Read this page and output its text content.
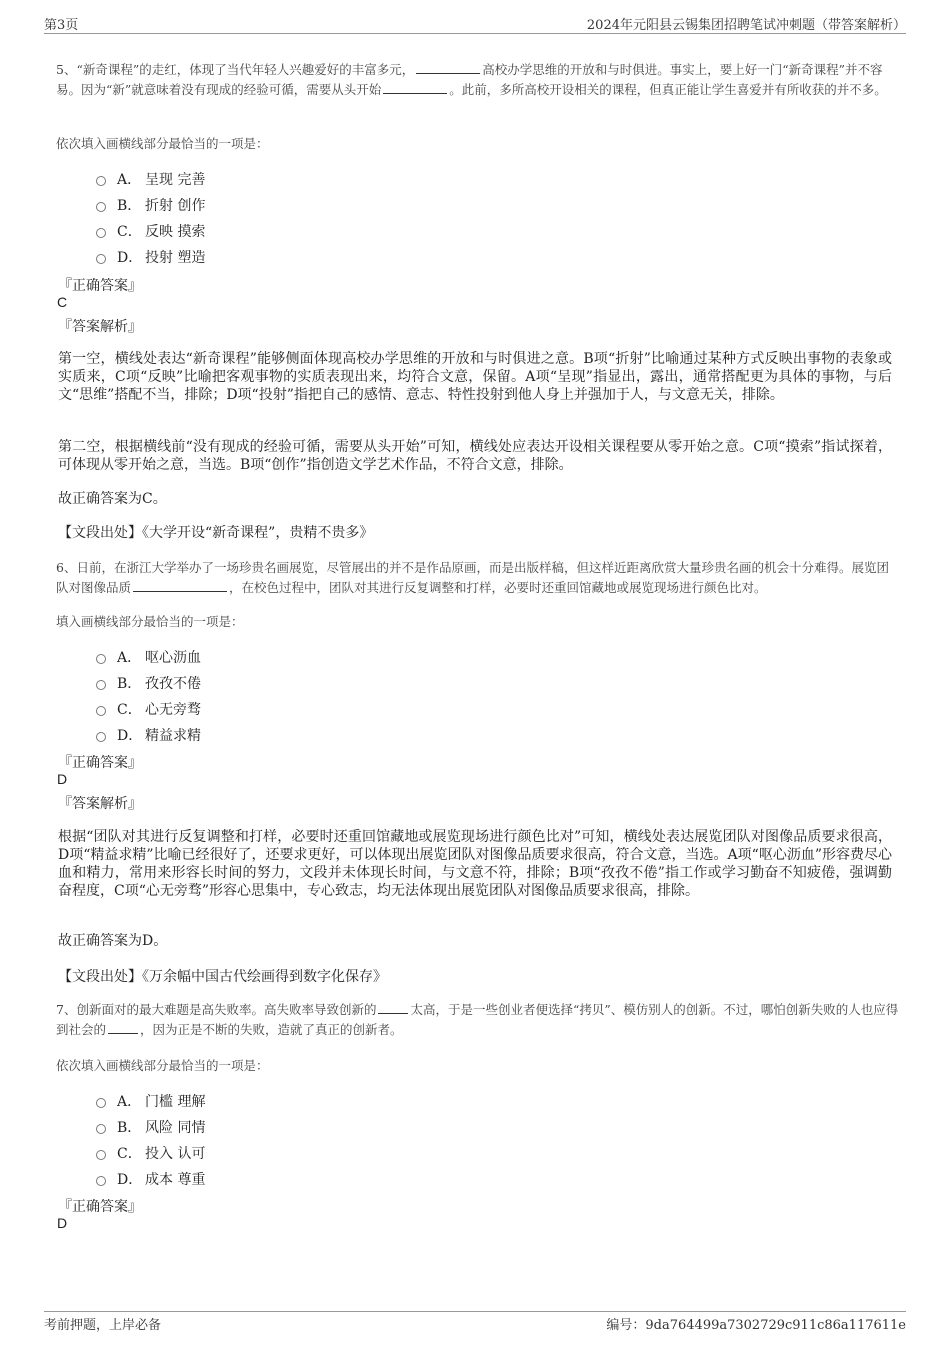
第3页	2024年元阳县云锡集团招聘笔试冲刺题（带答案解析）

5、“新奇课程”的走红，体现了当代年轻人兴趣爱好的丰富多元，	高校办学思维的开放和与时俱进。事实上，要上好一门“新奇课程”并不容易。因为“新”就意味着没有现成的经验可循，需要从头开始	。此前，多所高校开设相关的课程，但真正能让学生喜爱并有所收获的并不多。

依次填入画横线部分最恰当的一项是：

A． 呈现 完善
B． 折射 创作
C． 反映 摸索
D． 投射 塑造
『正确答案』
C
『答案解析』

第一空，横线处表达“新奇课程”能够侧面体现高校办学思维的开放和与时俱进之意。B项“折射”比喻通过某种方式反映出事物的表象或实质来，C项“反映”比喻把客观事物的实质表现出来，均符合文意，保留。A项“呈现”指显出，露出，通常搭配更为具体的事物，与后文“思维”搭配不当，排除；D项“投射”指把自己的感情、意志、特性投射到他人身上并强加于人，与文意无关，排除。

第二空，根据横线前“没有现成的经验可循，需要从头开始”可知，横线处应表达开设相关课程要从零开始之意。C项“摸索”指试探着，可体现从零开始之意，当选。B项“创作”指创造文学艺术作品，不符合文意，排除。

故正确答案为C。

【文段出处】《大学开设“新奇课程”，贵精不贵多》

6、日前，在浙江大学举办了一场珍贵名画展览，尽管展出的并不是作品原画，而是出版样稿，但这样近距离欣赏大量珍贵名画的机会十分难得。展览团队对图像品质	，在校色过程中，团队对其进行反复调整和打样，必要时还重回馆藏地或展览现场进行颜色比对。

填入画横线部分最恰当的一项是：

A． 呕心沥血
B． 孜孜不倦
C． 心无旁骛
D． 精益求精
『正确答案』
D
『答案解析』

根据“团队对其进行反复调整和打样，必要时还重回馆藏地或展览现场进行颜色比对”可知，横线处表达展览团队对图像品质要求很高，D项“精益求精”比喻已经很好了，还要求更好，可以体现出展览团队对图像品质要求很高，符合文意，当选。A项“呕心沥血”形容费尽心血和精力，常用来形容长时间的努力，文段并未体现长时间，与文意不符，排除；B项“孜孜不倦”指工作或学习勤奋不知疲倦，强调勤奋程度，C项“心无旁骛”形容心思集中，专心致志，均无法体现出展览团队对图像品质要求很高，排除。

故正确答案为D。

【文段出处】《万余幅中国古代绘画得到数字化保存》

7、创新面对的最大难题是高失败率。高失败率导致创新的	太高，于是一些创业者便选择“拷贝”、模仿别人的创新。不过，哪怕创新失败的人也应得到社会的	，因为正是不断的失败，造就了真正的创新者。

依次填入画横线部分最恰当的一项是：

A． 门槛 理解
B． 风险 同情
C． 投入 认可
D． 成本 尊重
『正确答案』
D
考前押题，上岸必备	编号：9da764499a7302729c911c86a117611e
